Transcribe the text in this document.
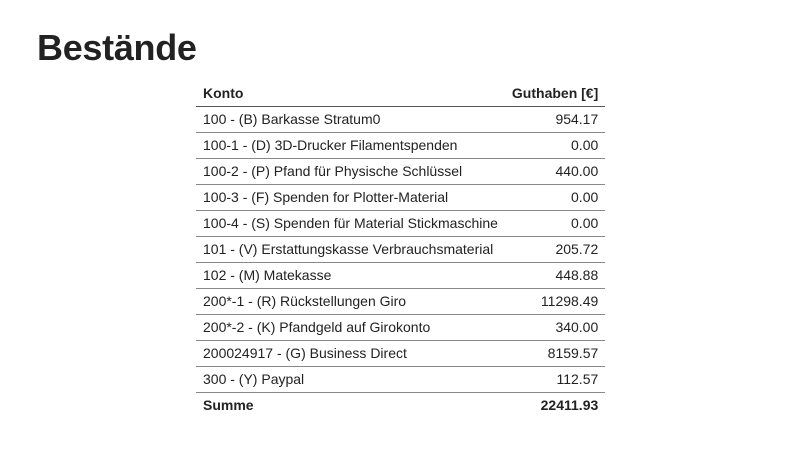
Bestände
Konto	Guthaben [€]
100 - (B) Barkasse Stratum0	954.17
100-1 - (D) 3D-Drucker Filamentspenden	0.00
100-2 - (P) Pfand für Physische Schlüssel	440.00
100-3 - (F) Spenden for Plotter-Material	0.00
100-4 - (S) Spenden für Material Stickmaschine	0.00
101 - (V) Erstattungskasse Verbrauchsmaterial	205.72
102 - (M) Matekasse	448.88
200*-1 - (R) Rückstellungen Giro	11298.49
200*-2 - (K) Pfandgeld auf Girokonto	340.00
200024917 - (G) Business Direct	8159.57
300 - (Y) Paypal	112.57
Summe	22411.93
